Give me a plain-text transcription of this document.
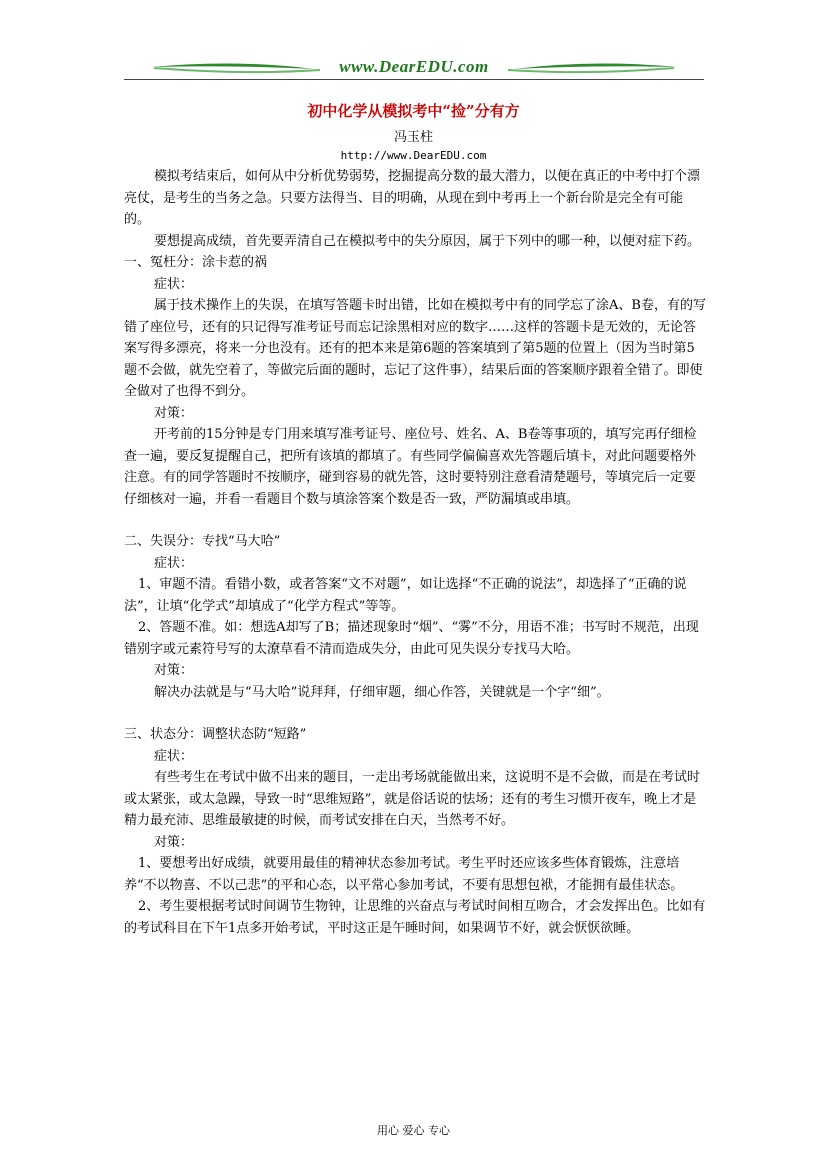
www.DearEDU.com
初中化学从模拟考中“捡”分有方
冯玉柱
http://www.DearEDU.com

模拟考结束后，如何从中分析优势弱势，挖掘提高分数的最大潜力，以便在真正的中考中打个漂亮仗，是考生的当务之急。只要方法得当、目的明确，从现在到中考再上一个新台阶是完全有可能的。

要想提高成绩，首先要弄清自己在模拟考中的失分原因，属于下列中的哪一种，以便对症下药。

一、冤枉分：涂卡惹的祸

症状：

属于技术操作上的失误，在填写答题卡时出错，比如在模拟考中有的同学忘了涂A、B卷，有的写错了座位号，还有的只记得写准考证号而忘记涂黑相对应的数字……这样的答题卡是无效的，无论答案写得多漂亮，将来一分也没有。还有的把本来是第6题的答案填到了第5题的位置上（因为当时第5题不会做，就先空着了，等做完后面的题时，忘记了这件事），结果后面的答案顺序跟着全错了。即使全做对了也得不到分。

对策：

开考前的15分钟是专门用来填写准考证号、座位号、姓名、A、B卷等事项的，填写完再仔细检查一遍，要反复提醒自己，把所有该填的都填了。有些同学偏偏喜欢先答题后填卡，对此问题要格外注意。有的同学答题时不按顺序，碰到容易的就先答，这时要特别注意看清楚题号，等填完后一定要仔细核对一遍，并看一看题目个数与填涂答案个数是否一致，严防漏填或串填。

二、失误分：专找“马大哈”

症状：

1、审题不清。看错小数，或者答案“文不对题”，如让选择“不正确的说法”，却选择了“正确的说法”，让填“化学式”却填成了“化学方程式”等等。

2、答题不准。如：想选A却写了B；描述现象时“烟”、“雾”不分，用语不准；书写时不规范，出现错别字或元素符号写的太潦草看不清而造成失分，由此可见失误分专找马大哈。

对策：

解决办法就是与“马大哈”说拜拜，仔细审题，细心作答，关键就是一个字“细”。

三、状态分：调整状态防“短路”

症状：

有些考生在考试中做不出来的题目，一走出考场就能做出来，这说明不是不会做，而是在考试时或太紧张，或太急躁，导致一时“思维短路”，就是俗话说的怯场；还有的考生习惯开夜车，晚上才是精力最充沛、思维最敏捷的时候，而考试安排在白天，当然考不好。

对策：

1、要想考出好成绩，就要用最佳的精神状态参加考试。考生平时还应该多些体育锻炼，注意培养“不以物喜、不以己悲”的平和心态，以平常心参加考试，不要有思想包袱，才能拥有最佳状态。

2、考生要根据考试时间调节生物钟，让思维的兴奋点与考试时间相互吻合，才会发挥出色。比如有的考试科目在下午1点多开始考试，平时这正是午睡时间，如果调节不好，就会恹恹欲睡。

用心 爱心 专心
